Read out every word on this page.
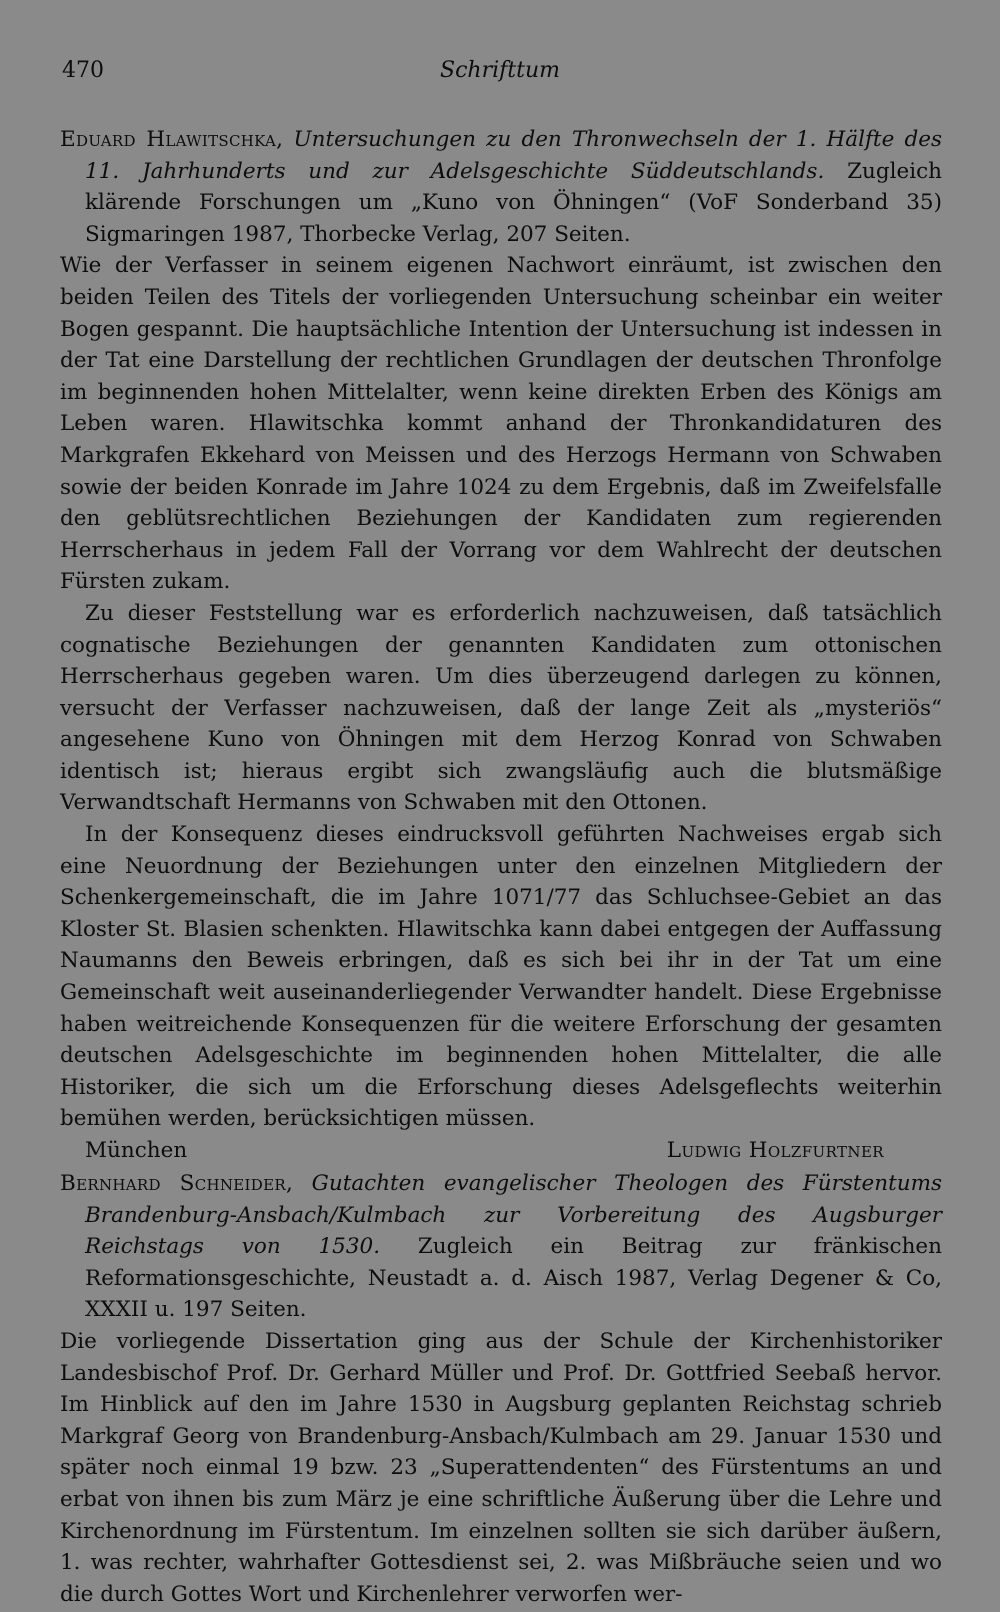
470	Schrifttum

Eduard Hlawitschka, Untersuchungen zu den Thronwechseln der 1. Hälfte des 11. Jahrhunderts und zur Adelsgeschichte Süddeutschlands. Zugleich klärende Forschungen um „Kuno von Öhningen“ (VoF Sonderband 35) Sigmaringen 1987, Thorbecke Verlag, 207 Seiten.

Wie der Verfasser in seinem eigenen Nachwort einräumt, ist zwischen den beiden Teilen des Titels der vorliegenden Untersuchung scheinbar ein weiter Bogen gespannt. Die hauptsächliche Intention der Untersuchung ist indessen in der Tat eine Darstellung der rechtlichen Grundlagen der deutschen Thronfolge im beginnenden hohen Mittelalter, wenn keine direkten Erben des Königs am Leben waren. Hlawitschka kommt anhand der Thronkandidaturen des Markgrafen Ekkehard von Meissen und des Herzogs Hermann von Schwaben sowie der beiden Konrade im Jahre 1024 zu dem Ergebnis, daß im Zweifelsfalle den geblütsrechtlichen Beziehungen der Kandidaten zum regierenden Herrscherhaus in jedem Fall der Vorrang vor dem Wahlrecht der deutschen Fürsten zukam.

Zu dieser Feststellung war es erforderlich nachzuweisen, daß tatsächlich cognatische Beziehungen der genannten Kandidaten zum ottonischen Herrscherhaus gegeben waren. Um dies überzeugend darlegen zu können, versucht der Verfasser nachzuweisen, daß der lange Zeit als „mysteriös“ angesehene Kuno von Öhningen mit dem Herzog Konrad von Schwaben identisch ist; hieraus ergibt sich zwangsläufig auch die blutsmäßige Verwandtschaft Hermanns von Schwaben mit den Ottonen.

In der Konsequenz dieses eindrucksvoll geführten Nachweises ergab sich eine Neuordnung der Beziehungen unter den einzelnen Mitgliedern der Schenkergemeinschaft, die im Jahre 1071/77 das Schluchsee-Gebiet an das Kloster St. Blasien schenkten. Hlawitschka kann dabei entgegen der Auffassung Naumanns den Beweis erbringen, daß es sich bei ihr in der Tat um eine Gemeinschaft weit auseinanderliegender Verwandter handelt. Diese Ergebnisse haben weitreichende Konsequenzen für die weitere Erforschung der gesamten deutschen Adelsgeschichte im beginnenden hohen Mittelalter, die alle Historiker, die sich um die Erforschung dieses Adelsgeflechts weiterhin bemühen werden, berücksichtigen müssen.

München	Ludwig Holzfurtner

Bernhard Schneider, Gutachten evangelischer Theologen des Fürstentums Brandenburg-Ansbach/Kulmbach zur Vorbereitung des Augsburger Reichstags von 1530. Zugleich ein Beitrag zur fränkischen Reformationsgeschichte, Neustadt a. d. Aisch 1987, Verlag Degener & Co, XXXII u. 197 Seiten.

Die vorliegende Dissertation ging aus der Schule der Kirchenhistoriker Landesbischof Prof. Dr. Gerhard Müller und Prof. Dr. Gottfried Seebaß hervor. Im Hinblick auf den im Jahre 1530 in Augsburg geplanten Reichstag schrieb Markgraf Georg von Brandenburg-Ansbach/Kulmbach am 29. Januar 1530 und später noch einmal 19 bzw. 23 „Superattendenten“ des Fürstentums an und erbat von ihnen bis zum März je eine schriftliche Äußerung über die Lehre und Kirchenordnung im Fürstentum. Im einzelnen sollten sie sich darüber äußern, 1. was rechter, wahrhafter Gottesdienst sei, 2. was Mißbräuche seien und wo die durch Gottes Wort und Kirchenlehrer verworfen wer-
